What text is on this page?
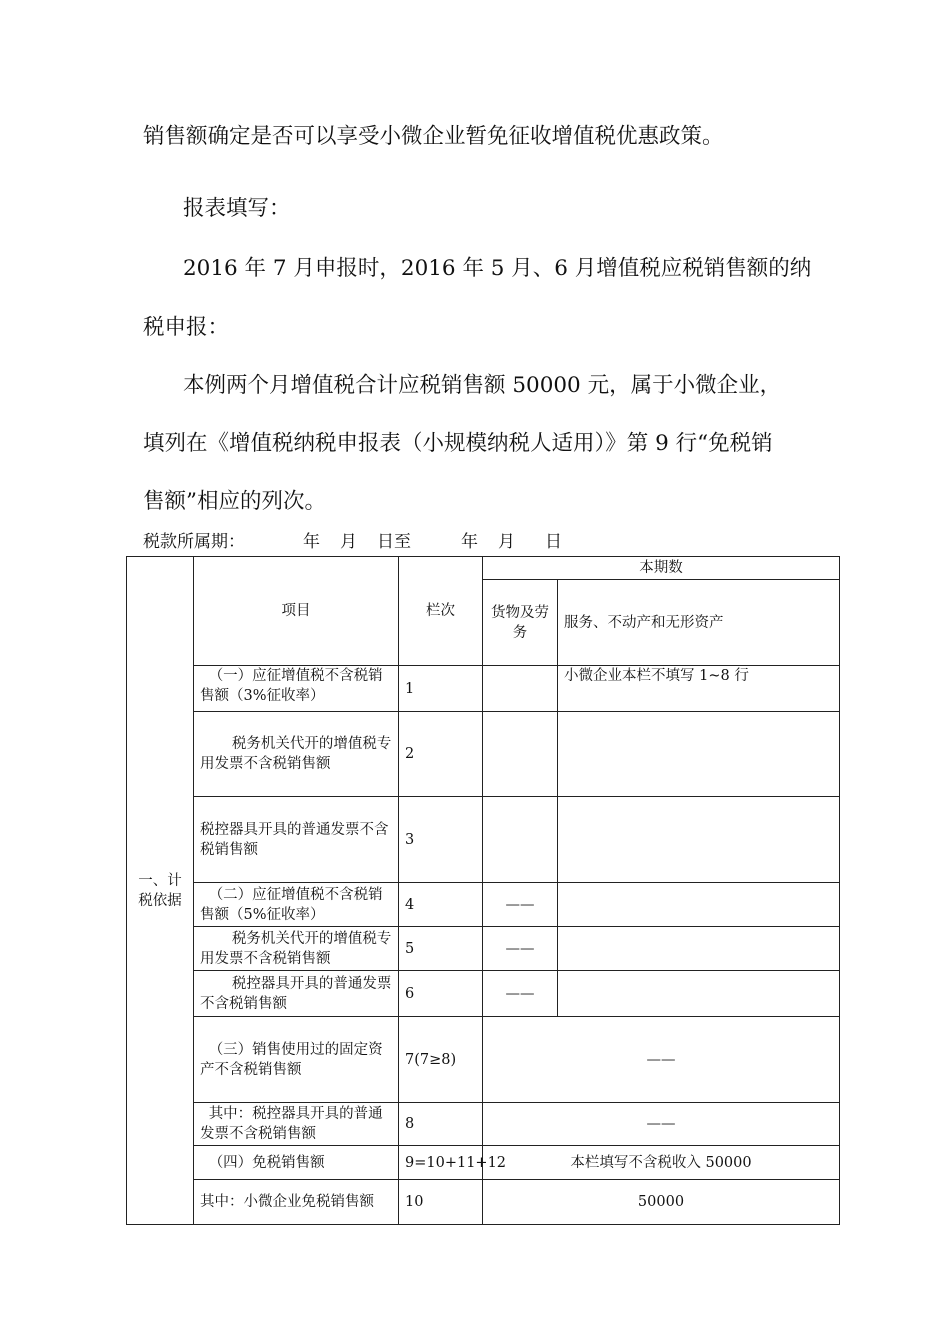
销售额确定是否可以享受小微企业暂免征收增值税优惠政策。
报表填写：
2016 年 7 月申报时，2016 年 5 月、6 月增值税应税销售额的纳
税申报：
本例两个月增值税合计应税销售额 50000 元，属于小微企业，
填列在《增值税纳税申报表（小规模纳税人适用）》第 9 行“免税销
售额”相应的列次。
税款所属期：	年 月 日至	年 月 日
一、计税依据	项目	栏次	本期数	
			货物及劳务	服务、不动产和无形资产
	（一）应征增值税不含税销售额（3%征收率）	1		小微企业本栏不填写 1~8 行
	税务机关代开的增值税专用发票不含税销售额	2		
	税控器具开具的普通发票不含税销售额	3		
	（二）应征增值税不含税销售额（5%征收率）	4	——	
	税务机关代开的增值税专用发票不含税销售额	5	——	
	税控器具开具的普通发票不含税销售额	6	——	
	（三）销售使用过的固定资产不含税销售额	7(7≥8)	——	
	其中：税控器具开具的普通发票不含税销售额	8	——	
	（四）免税销售额	9=10+11+12	本栏填写不含税收入 50000	
	其中：小微企业免税销售额	10	50000	
